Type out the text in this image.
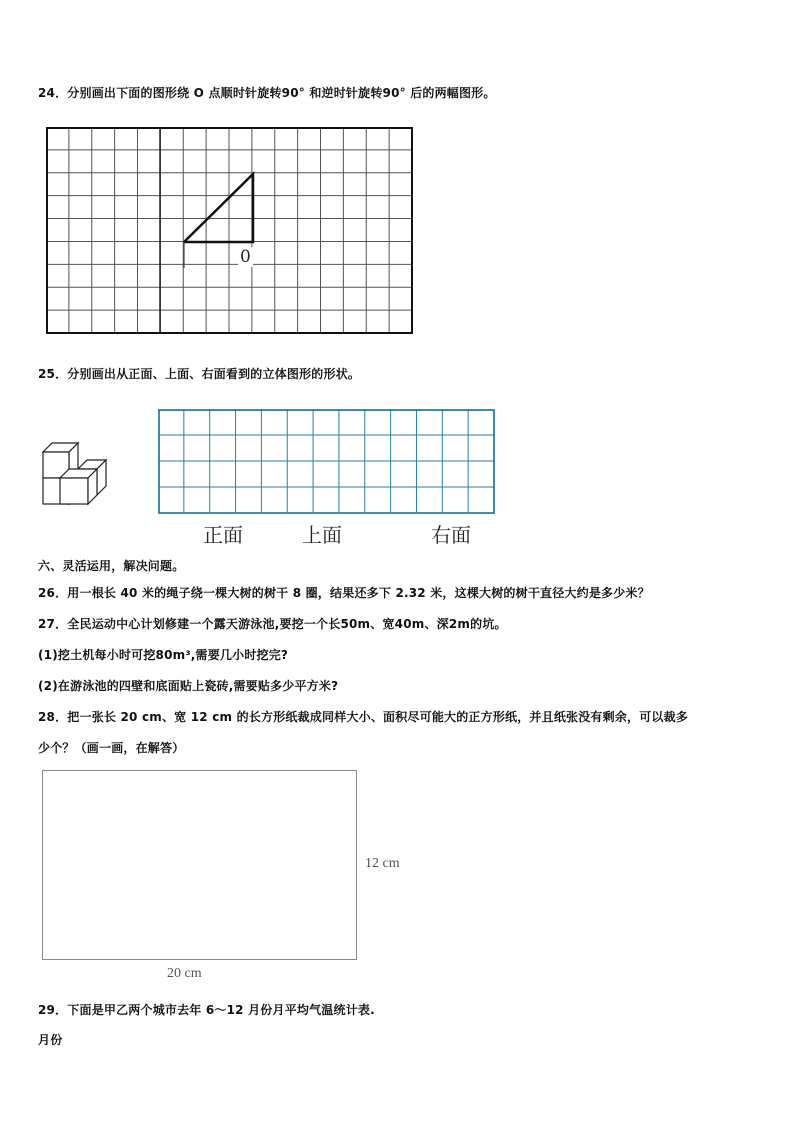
24．分别画出下面的图形绕 O 点顺时针旋转90° 和逆时针旋转90° 后的两幅图形。
0
25．分别画出从正面、上面、右面看到的立体图形的形状。
正面	上面	右面
六、灵活运用，解决问题。
26．用一根长 40 米的绳子绕一棵大树的树干 8 圈，结果还多下 2.32 米，这棵大树的树干直径大约是多少米？
27．全民运动中心计划修建一个露天游泳池,要挖一个长50m、宽40m、深2m的坑。
(1)挖土机每小时可挖80m³,需要几小时挖完?
(2)在游泳池的四壁和底面贴上瓷砖,需要贴多少平方米?
28．把一张长 20 cm、宽 12 cm 的长方形纸裁成同样大小、面积尽可能大的正方形纸，并且纸张没有剩余，可以裁多
少个？（画一画，在解答）
12 cm
20 cm
29．下面是甲乙两个城市去年 6～12 月份月平均气温统计表.
月份
